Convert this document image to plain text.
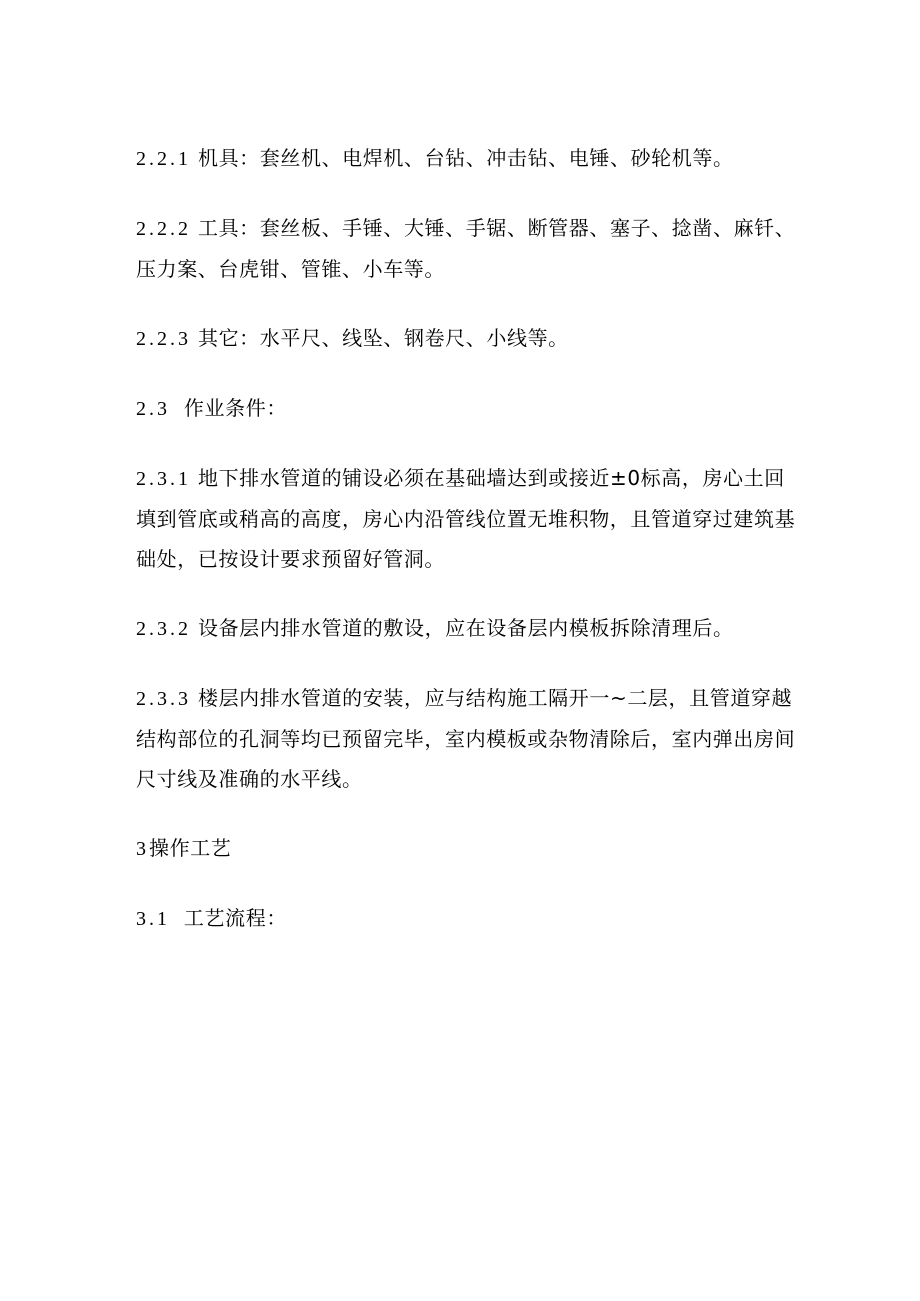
2.2.1 机具：套丝机、电焊机、台钻、冲击钻、电锤、砂轮机等。

2.2.2 工具：套丝板、手锤、大锤、手锯、断管器、塞子、捻凿、麻钎、压力案、台虎钳、管锥、小车等。

2.2.3 其它：水平尺、线坠、钢卷尺、小线等。

2.3 作业条件：

2.3.1 地下排水管道的铺设必须在基础墙达到或接近±0标高，房心土回填到管底或稍高的高度，房心内沿管线位置无堆积物，且管道穿过建筑基础处，已按设计要求预留好管洞。

2.3.2 设备层内排水管道的敷设，应在设备层内模板拆除清理后。

2.3.3 楼层内排水管道的安装，应与结构施工隔开一~二层，且管道穿越结构部位的孔洞等均已预留完毕，室内模板或杂物清除后，室内弹出房间尺寸线及准确的水平线。

3操作工艺

3.1 工艺流程：
